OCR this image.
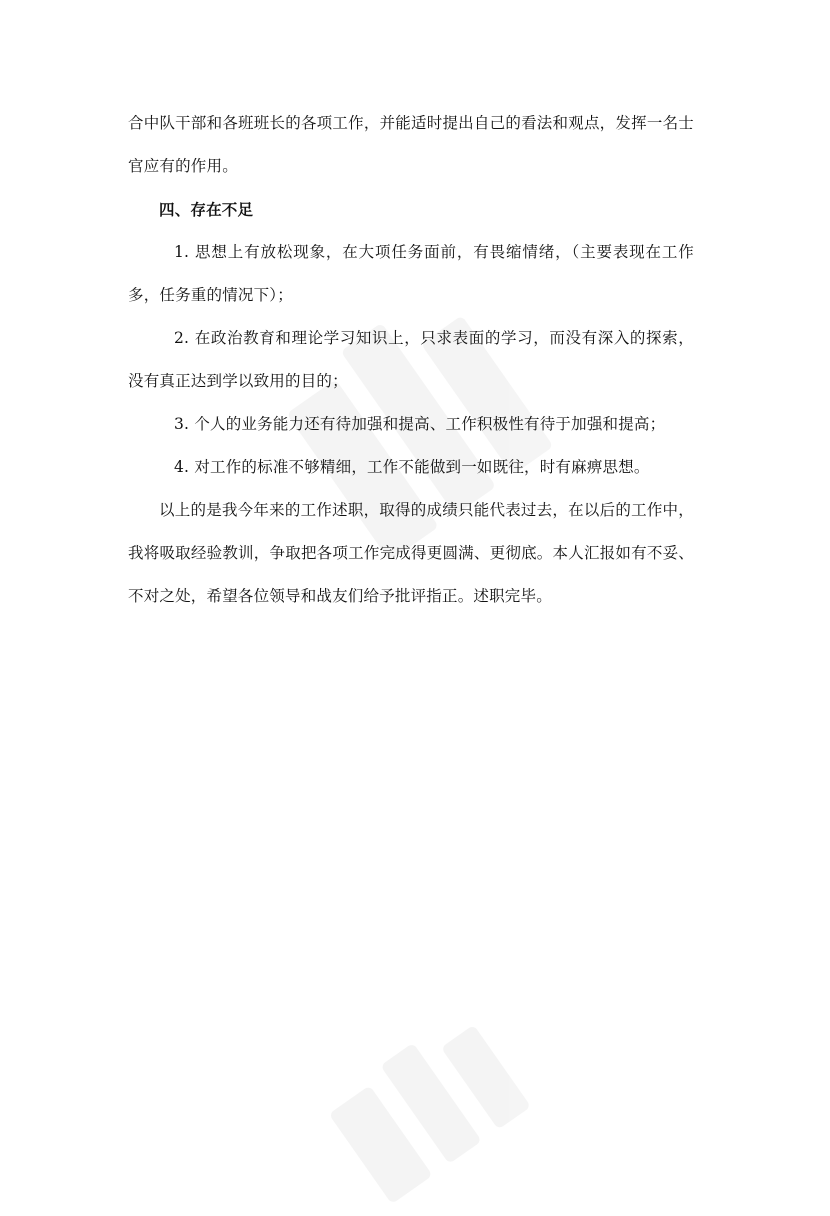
合中队干部和各班班长的各项工作，并能适时提出自己的看法和观点，发挥一名士官应有的作用。

四、存在不足

1. 思想上有放松现象，在大项任务面前，有畏缩情绪，（主要表现在工作多，任务重的情况下）；

2. 在政治教育和理论学习知识上，只求表面的学习，而没有深入的探索，没有真正达到学以致用的目的；

3. 个人的业务能力还有待加强和提高、工作积极性有待于加强和提高；

4. 对工作的标准不够精细，工作不能做到一如既往，时有麻痹思想。

以上的是我今年来的工作述职，取得的成绩只能代表过去，在以后的工作中，我将吸取经验教训，争取把各项工作完成得更圆满、更彻底。本人汇报如有不妥、不对之处，希望各位领导和战友们给予批评指正。述职完毕。
